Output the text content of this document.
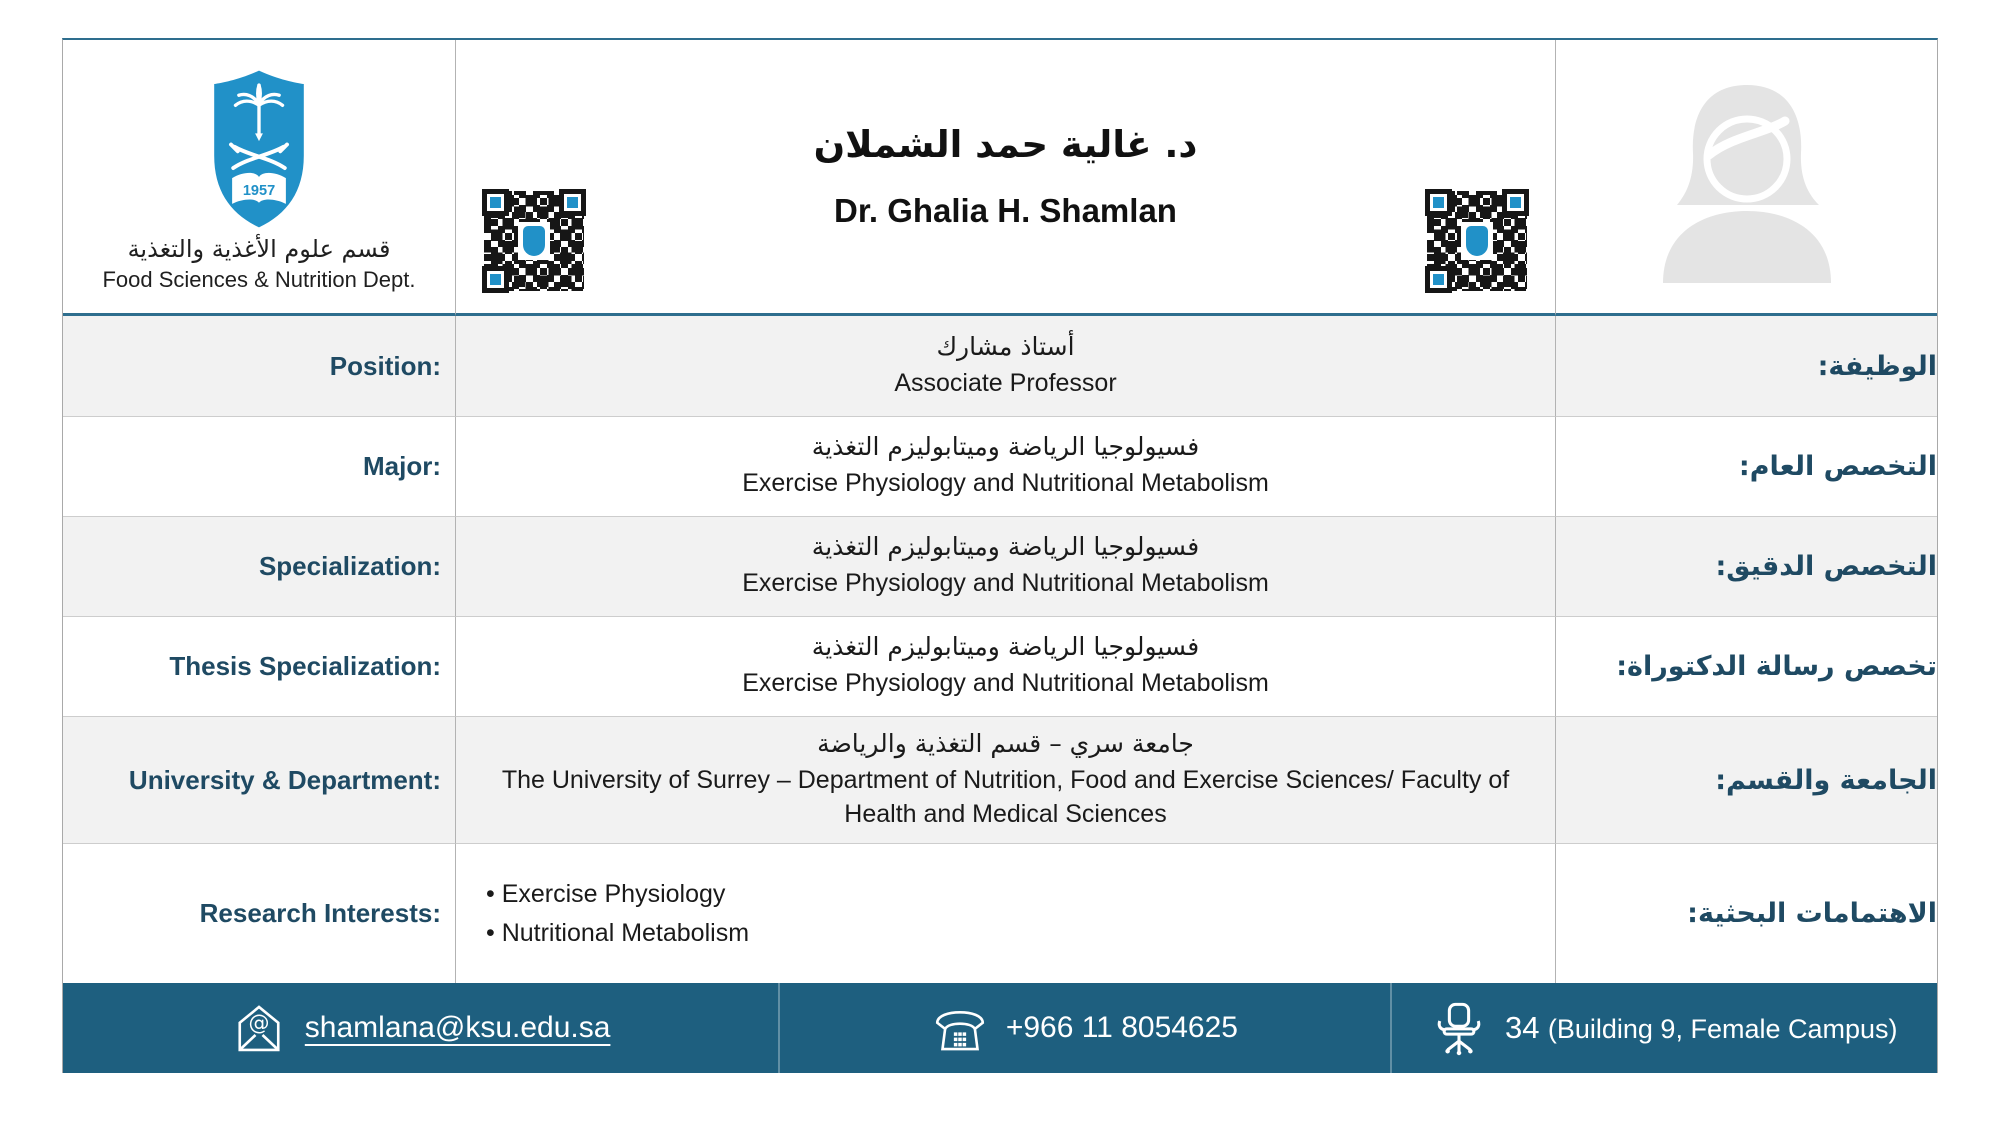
1957
قسم علوم الأغذية والتغذية
Food Sciences & Nutrition Dept.
د. غالية حمد الشملان
Dr. Ghalia H. Shamlan
Position:
أستاذ مشارك
Associate Professor
الوظيفة:
Major:
فسيولوجيا الرياضة وميتابوليزم التغذية
Exercise Physiology and Nutritional Metabolism
التخصص العام:
Specialization:
فسيولوجيا الرياضة وميتابوليزم التغذية
Exercise Physiology and Nutritional Metabolism
التخصص الدقيق:
Thesis Specialization:
فسيولوجيا الرياضة وميتابوليزم التغذية
Exercise Physiology and Nutritional Metabolism
تخصص رسالة الدكتوراة:
University & Department:
جامعة سري – قسم التغذية والرياضة
The University of Surrey – Department of Nutrition, Food and Exercise Sciences/ Faculty of Health and Medical Sciences
الجامعة والقسم:
Research Interests:
• Exercise Physiology
• Nutritional Metabolism
الاهتمامات البحثية:
@ shamlana@ksu.edu.sa	+966 11 8054625	34 (Building 9, Female Campus)
